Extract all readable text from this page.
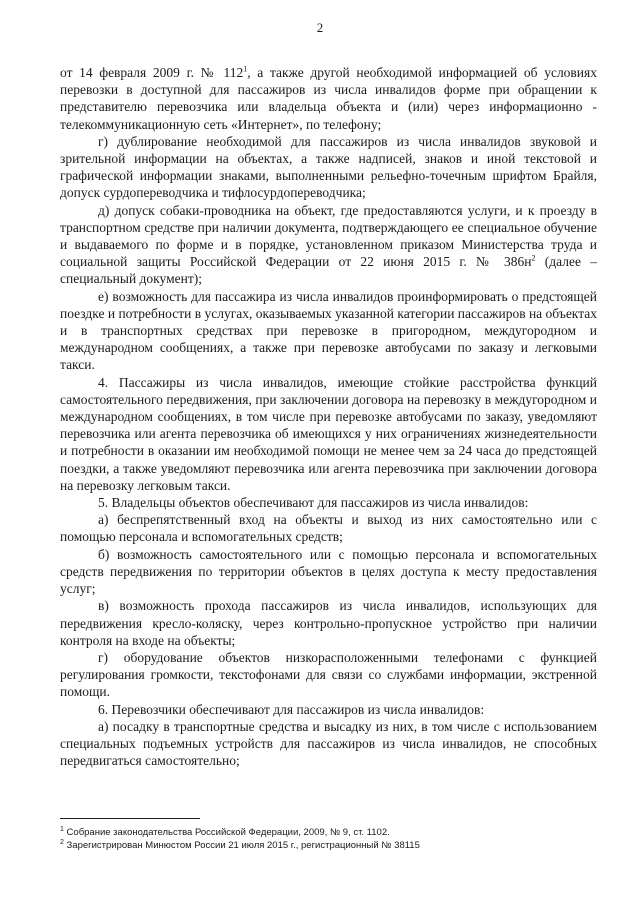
2

от 14 февраля 2009 г. № $112^1$, а также другой необходимой информацией об условиях перевозки в доступной для пассажиров из числа инвалидов форме при обращении к представителю перевозчика или владельца объекта и (или) через информационно - телекоммуникационную сеть «Интернет», по телефону;

г) дублирование необходимой для пассажиров из числа инвалидов звуковой и зрительной информации на объектах, а также надписей, знаков и иной текстовой и графической информации знаками, выполненными рельефно-точечным шрифтом Брайля, допуск сурдопереводчика и тифлосурдопереводчика;

д) допуск собаки-проводника на объект, где предоставляются услуги, и к проезду в транспортном средстве при наличии документа, подтверждающего ее специальное обучение и выдаваемого по форме и в порядке, установленном приказом Министерства труда и социальной защиты Российской Федерации от 22 июня 2015 г. № $386н^2$ (далее – специальный документ);

е) возможность для пассажира из числа инвалидов проинформировать о предстоящей поездке и потребности в услугах, оказываемых указанной категории пассажиров на объектах и в транспортных средствах при перевозке в пригородном, междугородном и международном сообщениях, а также при перевозке автобусами по заказу и легковыми такси.

4. Пассажиры из числа инвалидов, имеющие стойкие расстройства функций самостоятельного передвижения, при заключении договора на перевозку в междугородном и международном сообщениях, в том числе при перевозке автобусами по заказу, уведомляют перевозчика или агента перевозчика об имеющихся у них ограничениях жизнедеятельности и потребности в оказании им необходимой помощи не менее чем за 24 часа до предстоящей поездки, а также уведомляют перевозчика или агента перевозчика при заключении договора на перевозку легковым такси.

5. Владельцы объектов обеспечивают для пассажиров из числа инвалидов:

а) беспрепятственный вход на объекты и выход из них самостоятельно или с помощью персонала и вспомогательных средств;

б) возможность самостоятельного или с помощью персонала и вспомогательных средств передвижения по территории объектов в целях доступа к месту предоставления услуг;

в) возможность прохода пассажиров из числа инвалидов, использующих для передвижения кресло-коляску, через контрольно-пропускное устройство при наличии контроля на входе на объекты;

г) оборудование объектов низкорасположенными телефонами с функцией регулирования громкости, текстофонами для связи со службами информации, экстренной помощи.

6. Перевозчики обеспечивают для пассажиров из числа инвалидов:

а) посадку в транспортные средства и высадку из них, в том числе с использованием специальных подъемных устройств для пассажиров из числа инвалидов, не способных передвигаться самостоятельно;

$^1$ Собрание законодательства Российской Федерации, 2009, № 9, ст. 1102.

$^2$ Зарегистрирован Минюстом России 21 июля 2015 г., регистрационный № 38115
